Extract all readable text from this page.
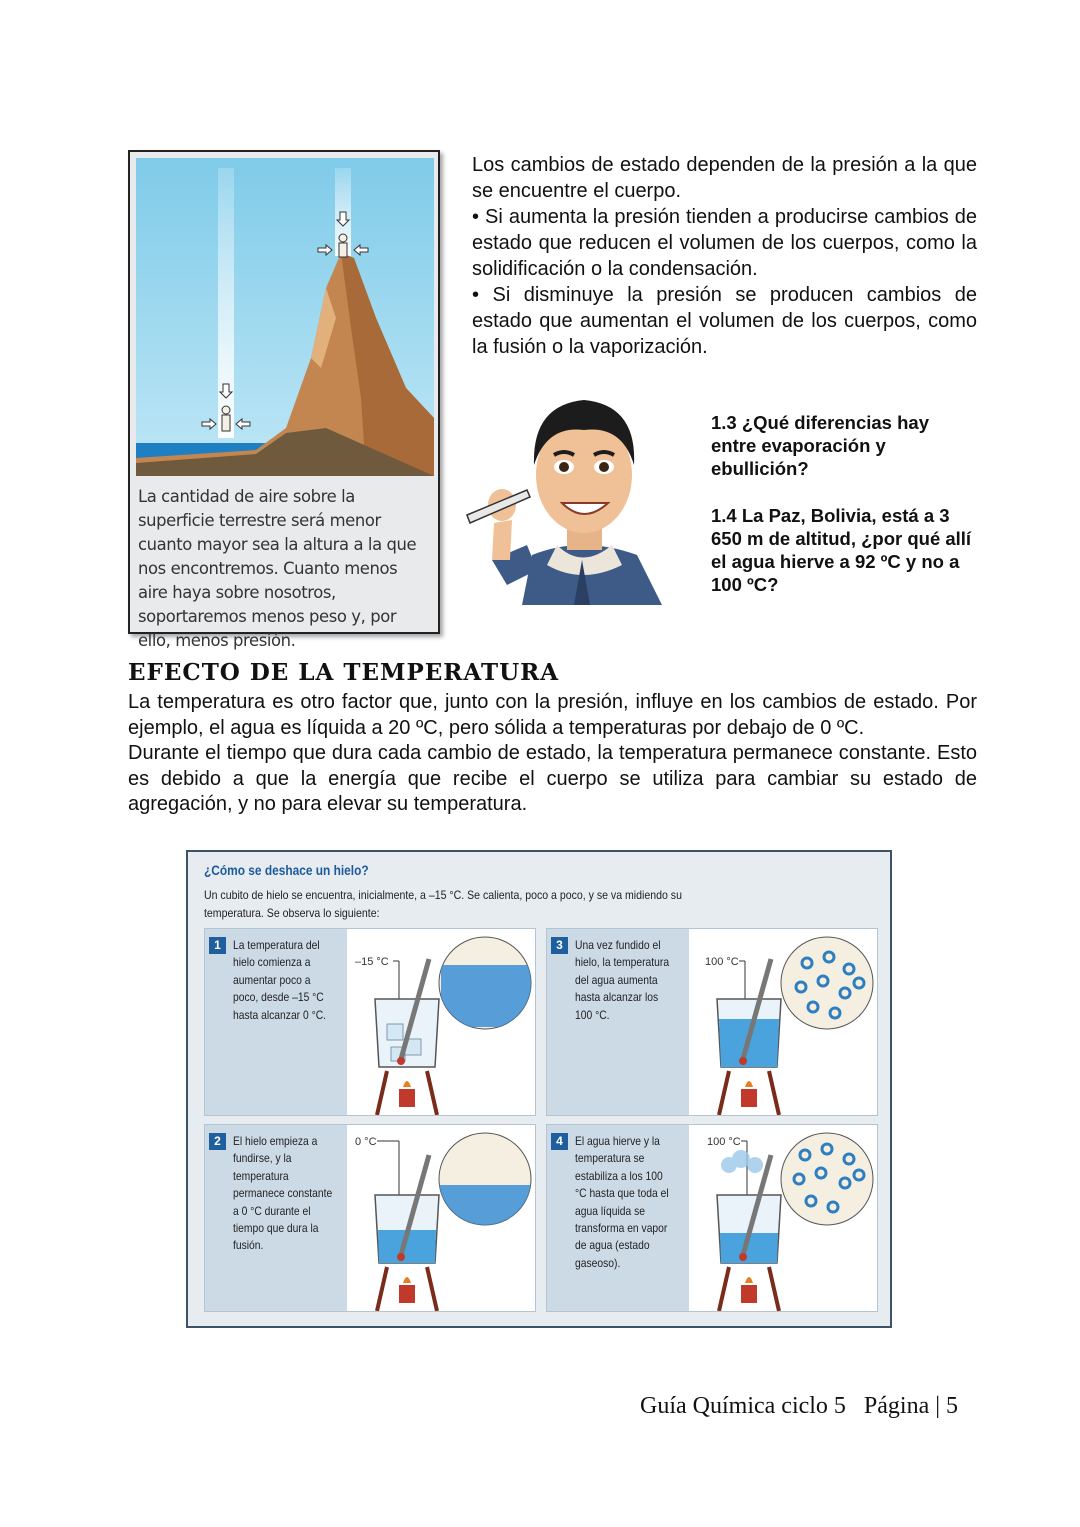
La cantidad de aire sobre la superficie terrestre será menor cuanto mayor sea la altura a la que nos encontremos. Cuanto menos aire haya sobre nosotros, soportaremos menos peso y, por ello, menos presión.

Los cambios de estado dependen de la presión a la que se encuentre el cuerpo.

• Si aumenta la presión tienden a producirse cambios de estado que reducen el volumen de los cuerpos, como la solidificación o la condensación.

• Si disminuye la presión se producen cambios de estado que aumentan el volumen de los cuerpos, como la fusión o la vaporización.

1.3 ¿Qué diferencias hay entre evaporación y ebullición?

1.4 La Paz, Bolivia, está a 3 650 m de altitud, ¿por qué allí el agua hierve a 92 ºC y no a 100 ºC?

EFECTO DE LA TEMPERATURA

La temperatura es otro factor que, junto con la presión, influye en los cambios de estado. Por ejemplo, el agua es líquida a 20 ºC, pero sólida a temperaturas por debajo de 0 ºC.

Durante el tiempo que dura cada cambio de estado, la temperatura permanece constante. Esto es debido a que la energía que recibe el cuerpo se utiliza para cambiar su estado de agregación, y no para elevar su temperatura.

¿Cómo se deshace un hielo?
Un cubito de hielo se encuentra, inicialmente, a –15 °C. Se calienta, poco a poco, y se va midiendo su temperatura. Se observa lo siguiente:
1	La temperatura del hielo comienza a aumentar poco a poco, desde –15 °C hasta alcanzar 0 °C.
–15 °C
2	El hielo empieza a fundirse, y la temperatura permanece constante a 0 °C durante el tiempo que dura la fusión.
0 °C
3	Una vez fundido el hielo, la temperatura del agua aumenta hasta alcanzar los 100 °C.
100 °C
4	El agua hierve y la temperatura se estabiliza a los 100 °C hasta que toda el agua líquida se transforma en vapor de agua (estado gaseoso).
100 °C
Guía Química ciclo 5   Página | 5
